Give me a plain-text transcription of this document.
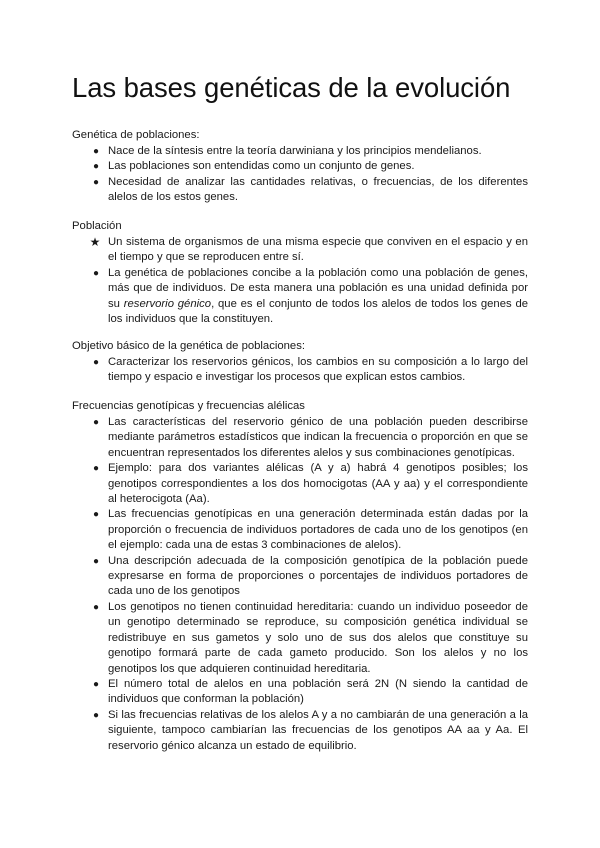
Las bases genéticas de la evolución

Genética de poblaciones:

● Nace de la síntesis entre la teoría darwiniana y los principios mendelianos.
● Las poblaciones son entendidas como un conjunto de genes.
● Necesidad de analizar las cantidades relativas, o frecuencias, de los diferentes alelos de los estos genes.

Población

★ Un sistema de organismos de una misma especie que conviven en el espacio y en el tiempo y que se reproducen entre sí.
● La genética de poblaciones concibe a la población como una población de genes, más que de individuos. De esta manera una población es una unidad definida por su reservorio génico, que es el conjunto de todos los alelos de todos los genes de los individuos que la constituyen.

Objetivo básico de la genética de poblaciones:

● Caracterizar los reservorios génicos, los cambios en su composición a lo largo del tiempo y espacio e investigar los procesos que explican estos cambios.

Frecuencias genotípicas y frecuencias alélicas

● Las características del reservorio génico de una población pueden describirse mediante parámetros estadísticos que indican la frecuencia o proporción en que se encuentran representados los diferentes alelos y sus combinaciones genotípicas.
● Ejemplo: para dos variantes alélicas (A y a) habrá 4 genotipos posibles; los genotipos correspondientes a los dos homocigotas (AA y aa) y el correspondiente al heterocigota (Aa).
● Las frecuencias genotípicas en una generación determinada están dadas por la proporción o frecuencia de individuos portadores de cada uno de los genotipos (en el ejemplo: cada una de estas 3 combinaciones de alelos).
● Una descripción adecuada de la composición genotípica de la población puede expresarse en forma de proporciones o porcentajes de individuos portadores de cada uno de los genotipos
● Los genotipos no tienen continuidad hereditaria: cuando un individuo poseedor de un genotipo determinado se reproduce, su composición genética individual se redistribuye en sus gametos y solo uno de sus dos alelos que constituye su genotipo formará parte de cada gameto producido. Son los alelos y no los genotipos los que adquieren continuidad hereditaria.
● El número total de alelos en una población será 2N (N siendo la cantidad de individuos que conforman la población)
● Si las frecuencias relativas de los alelos A y a no cambiarán de una generación a la siguiente, tampoco cambiarían las frecuencias de los genotipos AA aa y Aa. El reservorio génico alcanza un estado de equilibrio.
